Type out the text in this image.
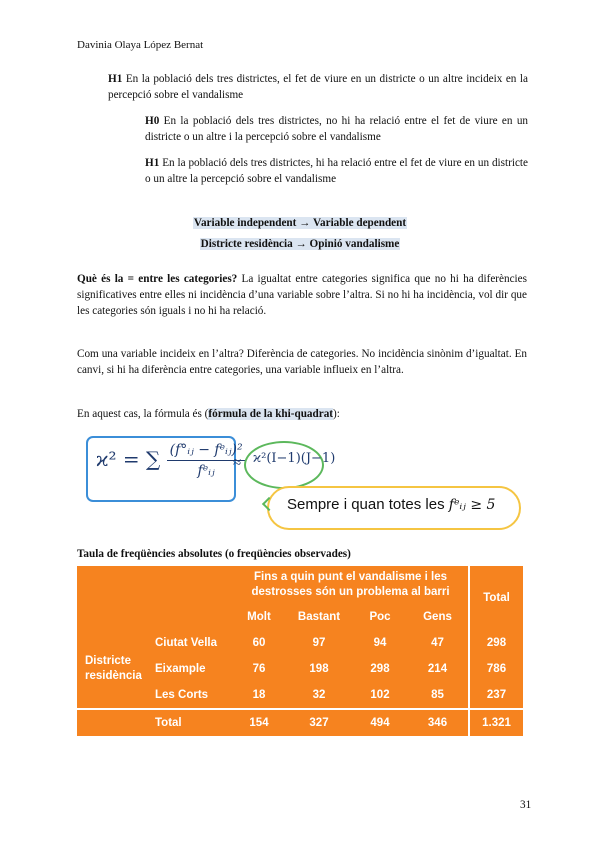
Davinia Olaya López Bernat
H1 En la població dels tres districtes, el fet de viure en un districte o un altre incideix en la percepció sobre el vandalisme
H0 En la població dels tres districtes, no hi ha relació entre el fet de viure en un districte o un altre i la percepció sobre el vandalisme
H1 En la població dels tres districtes, hi ha relació entre el fet de viure en un districte o un altre la percepció sobre el vandalisme
Variable independent → Variable dependent
Districte residència → Opinió vandalisme
Què és la = entre les categories? La igualtat entre categories significa que no hi ha diferències significatives entre elles ni incidència d’una variable sobre l’altra. Si no hi ha incidència, vol dir que les categories són iguals i no hi ha relació.
Com una variable incideix en l’altra? Diferència de categories. No incidència sinònim d’igualtat. En canvi, si hi ha diferència entre categories, una variable influeix en l’altra.
En aquest cas, la fórmula és (fórmula de la khi-quadrat):
ϰ² = ∑ $\frac{\text{(f°ᵢⱼ − fᵉᵢⱼ)²}}{\text{fᵉᵢⱼ}}$
≈ ϰ²(I−1)(J−1)
Sempre i quan totes les fᵉᵢⱼ ≥ 5
Taula de freqüències absolutes (o freqüències observades)
		Fins a quin punt el vandalisme i les destrosses són un problema al barri				Total
		Molt	Bastant	Poc	Gens	
Districte residència	Ciutat Vella	60	97	94	47	298
	Eixample	76	198	298	214	786
	Les Corts	18	32	102	85	237
	Total	154	327	494	346	1.321
31
